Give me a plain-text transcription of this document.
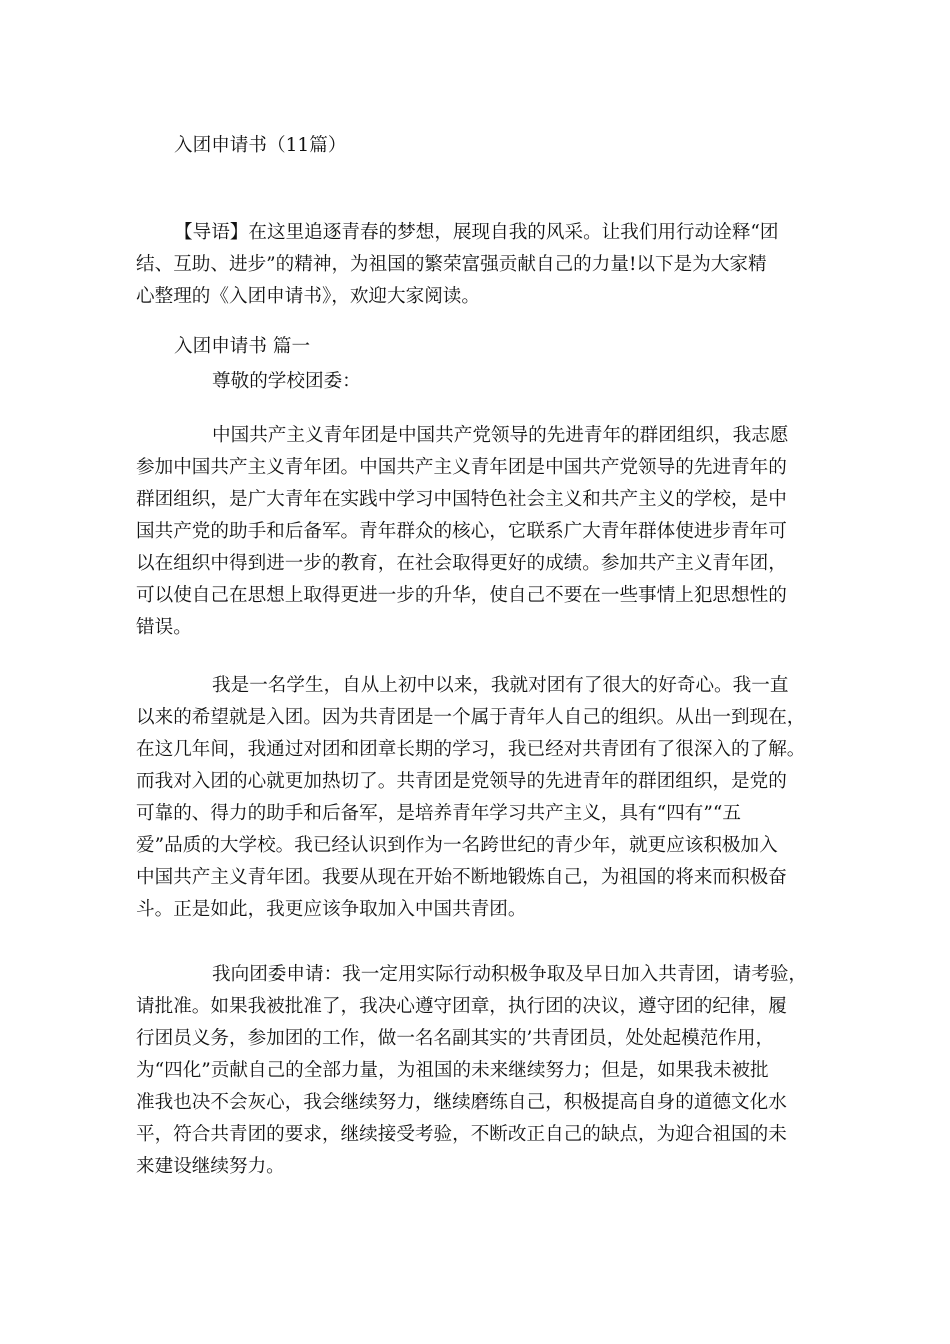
入团申请书（11篇）
【导语】在这里追逐青春的梦想，展现自我的风采。让我们用行动诠释“团
结、互助、进步”的精神，为祖国的繁荣富强贡献自己的力量!以下是为大家精
心整理的《入团申请书》，欢迎大家阅读。
入团申请书 篇一
尊敬的学校团委：
中国共产主义青年团是中国共产党领导的先进青年的群团组织，我志愿
参加中国共产主义青年团。中国共产主义青年团是中国共产党领导的先进青年的
群团组织，是广大青年在实践中学习中国特色社会主义和共产主义的学校，是中
国共产党的助手和后备军。青年群众的核心，它联系广大青年群体使进步青年可
以在组织中得到进一步的教育，在社会取得更好的成绩。参加共产主义青年团，
可以使自己在思想上取得更进一步的升华，使自己不要在一些事情上犯思想性的
错误。
我是一名学生，自从上初中以来，我就对团有了很大的好奇心。我一直
以来的希望就是入团。因为共青团是一个属于青年人自己的组织。从出一到现在，
在这几年间，我通过对团和团章长期的学习，我已经对共青团有了很深入的了解。
而我对入团的心就更加热切了。共青团是党领导的先进青年的群团组织，是党的
可靠的、得力的助手和后备军，是培养青年学习共产主义，具有“四有”“五
爱”品质的大学校。我已经认识到作为一名跨世纪的青少年，就更应该积极加入
中国共产主义青年团。我要从现在开始不断地锻炼自己，为祖国的将来而积极奋
斗。正是如此，我更应该争取加入中国共青团。
我向团委申请：我一定用实际行动积极争取及早日加入共青团，请考验，
请批准。如果我被批准了，我决心遵守团章，执行团的决议，遵守团的纪律，履
行团员义务，参加团的工作，做一名名副其实的’共青团员，处处起模范作用，
为“四化”贡献自己的全部力量，为祖国的未来继续努力；但是，如果我未被批
准我也决不会灰心，我会继续努力，继续磨练自己，积极提高自身的道德文化水
平，符合共青团的要求，继续接受考验，不断改正自己的缺点，为迎合祖国的未
来建设继续努力。
